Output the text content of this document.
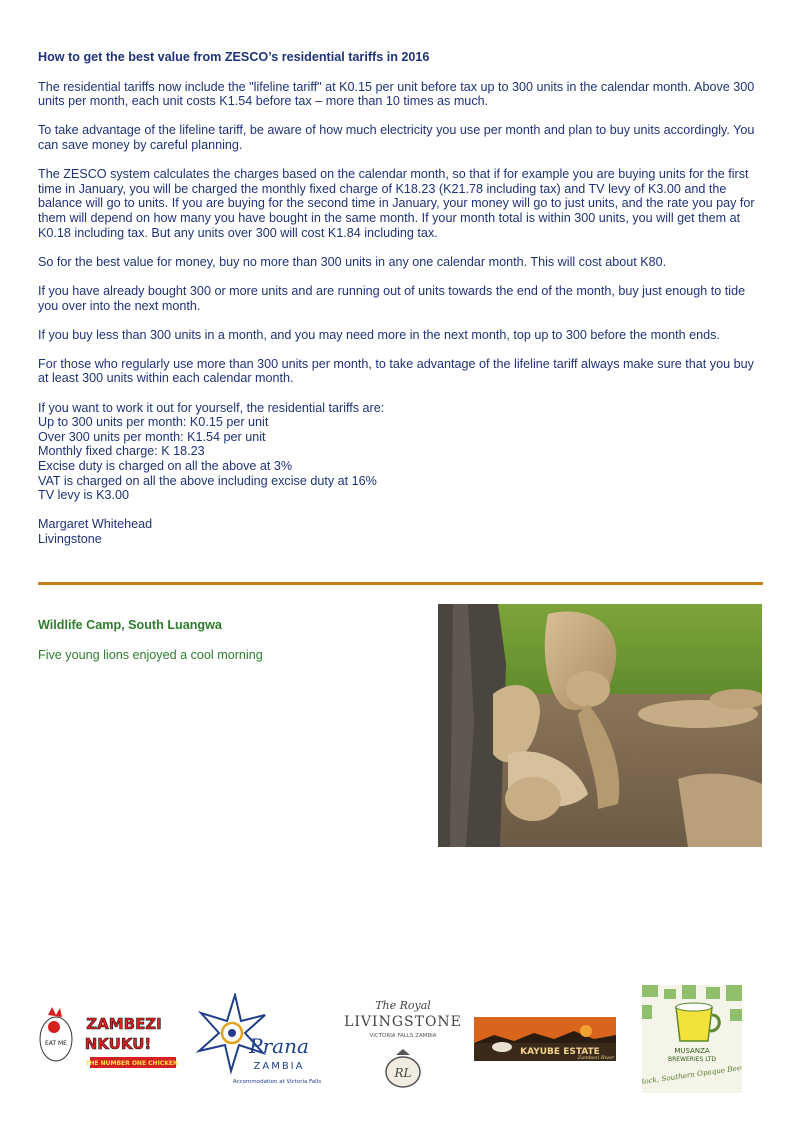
How to get the best value from ZESCO’s residential tariffs in 2016

The residential tariffs now include the "lifeline tariff" at K0.15 per unit before tax up to 300 units in the calendar month. Above 300 units per month, each unit costs K1.54 before tax – more than 10 times as much.

To take advantage of the lifeline tariff, be aware of how much electricity you use per month and plan to buy units accordingly. You can save money by careful planning.

The ZESCO system calculates the charges based on the calendar month, so that if for example you are buying units for the first time in January, you will be charged the monthly fixed charge of K18.23 (K21.78 including tax) and TV levy of K3.00 and the balance will go to units. If you are buying for the second time in January, your money will go to just units, and the rate you pay for them will depend on how many you have bought in the same month. If your month total is within 300 units, you will get them at K0.18 including tax. But any units over 300 will cost K1.84 including tax.

So for the best value for money, buy no more than 300 units in any one calendar month. This will cost about K80.

If you have already bought 300 or more units and are running out of units towards the end of the month, buy just enough to tide you over into the next month.

If you buy less than 300 units in a month, and you may need more in the next month, top up to 300 before the month ends.

For those who regularly use more than 300 units per month, to take advantage of the lifeline tariff always make sure that you buy at least 300 units within each calendar month.

If you want to work it out for yourself, the residential tariffs are:
Up to 300 units per month: K0.15 per unit
Over 300 units per month: K1.54 per unit
Monthly fixed charge: K 18.23
Excise duty is charged on all the above at 3%
VAT is charged on all the above including excise duty at 16%
TV levy is K3.00
Margaret Whitehead
Livingstone
Wildlife Camp, South Luangwa
Five young lions enjoyed a cool morning
EAT ME
ZAMBEZI
NKUKU!
THE NUMBER ONE CHICKEN!
Prana
ZAMBIA
Accommodation at Victoria Falls
The Royal
LIVINGSTONE
VICTORIA FALLS ZAMBIA
RL
KAYUBE ESTATE
Zambezi River
MUSANZA
BREWERIES LTD
Rock, Southern Opaque Beer
